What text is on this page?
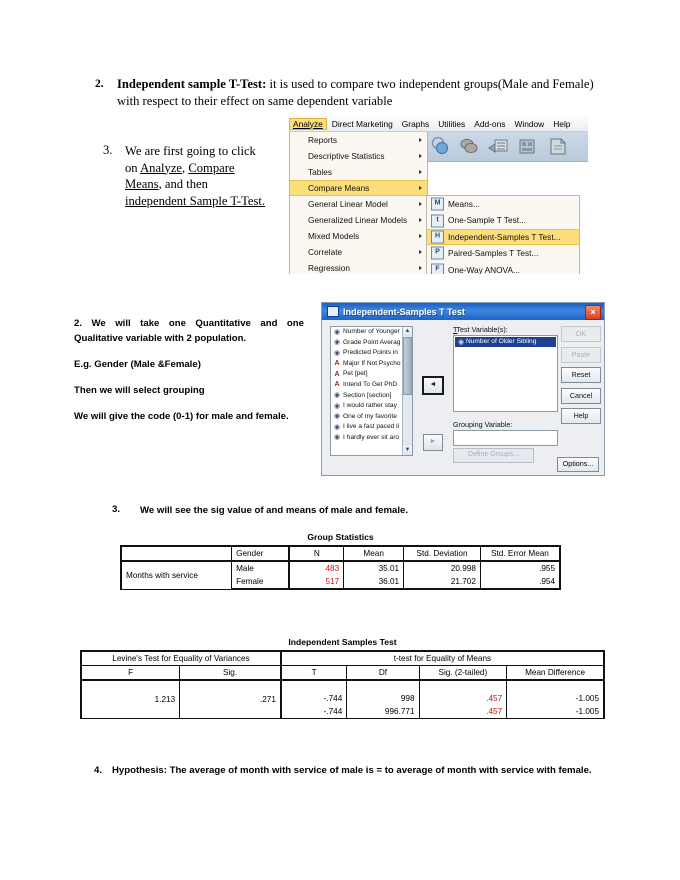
2. Independent sample T-Test: it is used to compare two independent groups(Male and Female) with respect to their effect on same dependent variable
3. We are first going to click
on Analyze, Compare
Means, and then
independent Sample T-Test.
Analyze	Direct Marketing	Graphs	Utilities	Add-ons	Window	Help
Reports
Descriptive Statistics
Tables
Compare Means
General Linear Model
Generalized Linear Models
Mixed Models
Correlate
Regression
M Means...
t	One-Sample T Test...
H Independent-Samples T Test...
P Paired-Samples T Test...
F	One-Way ANOVA...

2. We will take one Quantitative and one Qualitative variable with 2 population.

E.g. Gender (Male &Female)

Then we will select grouping

We will give the code (0-1) for male and female.

Independent-Samples T Test	×
◉ Number of Younger
◉ Grade Point Averag
◉ Predicted Points in
A Major If Not Psycho
A Pet [pet]
A Intend To Get PhD
◉ Section [section]
◉ I would rather stay
◉ One of my favorite
◉ I live a fast paced li
◉ I hardly ever sit aro
▲
▼
◄
►
TTest Variable(s):
◉ Number of Older Sibling
Grouping Variable:
Define Groups...
OK
Paste
Reset
Cancel
Help
Options...
3. We will see the sig value of and means of male and female.
Group Statistics
	Gender	N	Mean	Std. Deviation	Std. Error Mean
Months with service	Male	483	35.01	20.998	.955
	Female	517	36.01	21.702	.954
Independent Samples Test
Levine's Test for Equality of Variances		t-test for Equality of Means			
F	Sig.	T	Df	Sig. (2-tailed)	Mean Difference
1.213	.271	-.744	998	.457	-1.005
		-.744	996.771	.457	-1.005
4. Hypothesis: The average of month with service of male is = to average of month with service with female.
